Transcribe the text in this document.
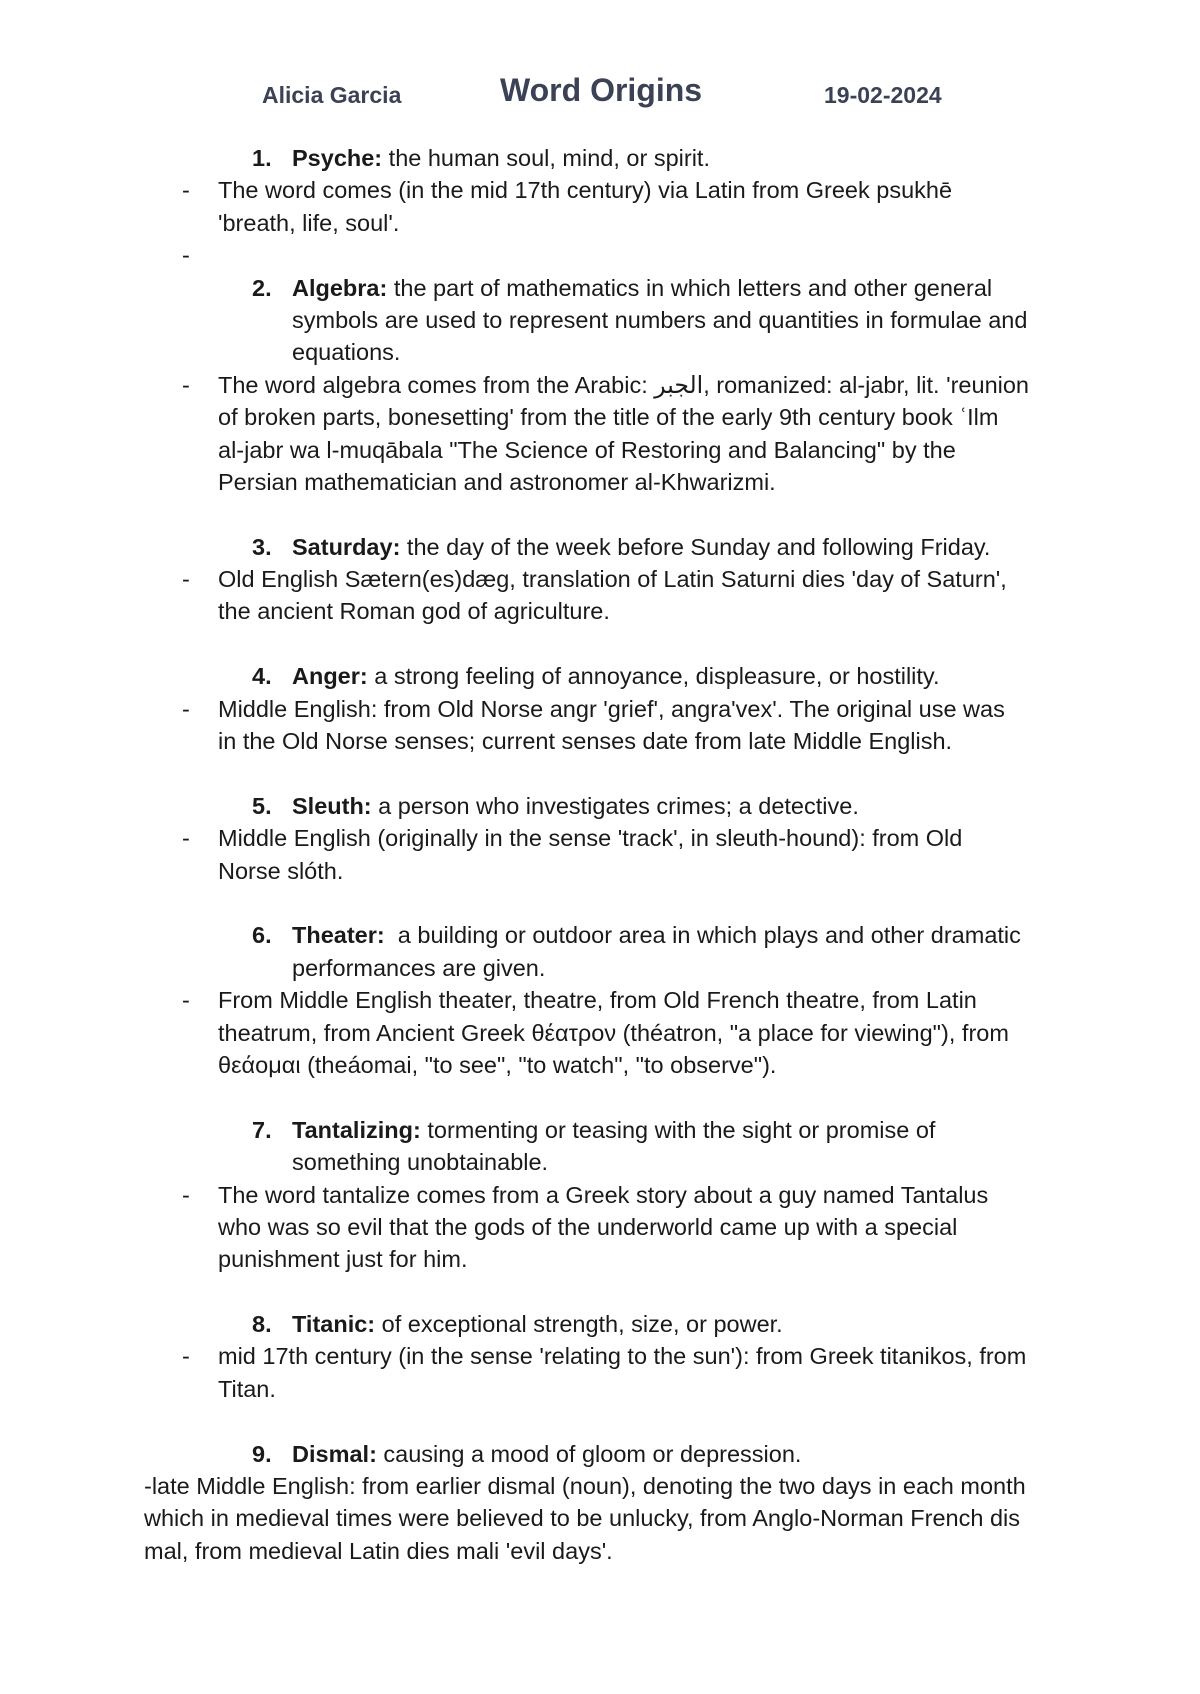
Alicia Garcia	Word Origins	19-02-2024
1. Psyche: the human soul, mind, or spirit.
- The word comes (in the mid 17th century) via Latin from Greek psukhē
'breath, life, soul'.
-
2. Algebra: the part of mathematics in which letters and other general
symbols are used to represent numbers and quantities in formulae and
equations.
- The word algebra comes from the Arabic: الجبر, romanized: al-jabr, lit. 'reunion
of broken parts, bonesetting' from the title of the early 9th century book ʿIlm
al-jabr wa l-muqābala "The Science of Restoring and Balancing" by the
Persian mathematician and astronomer al-Khwarizmi.
3. Saturday: the day of the week before Sunday and following Friday.
- Old English Sætern(es)dæg, translation of Latin Saturni dies 'day of Saturn',
the ancient Roman god of agriculture.
4. Anger: a strong feeling of annoyance, displeasure, or hostility.
- Middle English: from Old Norse angr 'grief', angra'vex'. The original use was
in the Old Norse senses; current senses date from late Middle English.
5. Sleuth: a person who investigates crimes; a detective.
- Middle English (originally in the sense 'track', in sleuth-hound): from Old
Norse slóth.
6. Theater:  a building or outdoor area in which plays and other dramatic
performances are given.
- From Middle English theater, theatre, from Old French theatre, from Latin
theatrum, from Ancient Greek θέατρον (théatron, "a place for viewing"), from
θεάομαι (theáomai, "to see", "to watch", "to observe").
7. Tantalizing: tormenting or teasing with the sight or promise of
something unobtainable.
- The word tantalize comes from a Greek story about a guy named Tantalus
who was so evil that the gods of the underworld came up with a special
punishment just for him.
8. Titanic: of exceptional strength, size, or power.
- mid 17th century (in the sense 'relating to the sun'): from Greek titanikos, from
Titan.
9. Dismal: causing a mood of gloom or depression.
-late Middle English: from earlier dismal (noun), denoting the two days in each month
which in medieval times were believed to be unlucky, from Anglo-Norman French dis
mal, from medieval Latin dies mali 'evil days'.
